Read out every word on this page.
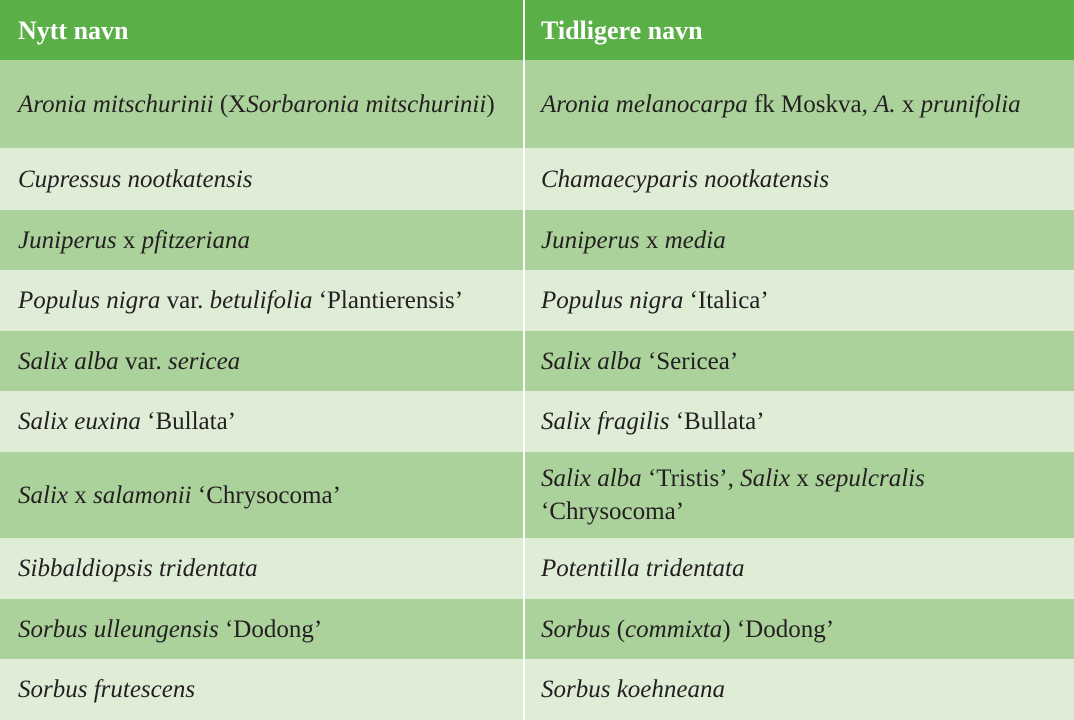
Nytt navn	Tidligere navn
Aronia mitschurinii (XSorbaronia mitschurinii)	Aronia melanocarpa fk Moskva, A. x prunifolia
Cupressus nootkatensis	Chamaecyparis nootkatensis
Juniperus x pfitzeriana	Juniperus x media
Populus nigra var. betulifolia ‘Plantierensis’	Populus nigra ‘Italica’
Salix alba var. sericea	Salix alba ‘Sericea’
Salix euxina ‘Bullata’	Salix fragilis ‘Bullata’
Salix x salamonii ‘Chrysocoma’	Salix alba ‘Tristis’, Salix x sepulcralis ‘Chrysocoma’
Sibbaldiopsis tridentata	Potentilla tridentata
Sorbus ulleungensis ‘Dodong’	Sorbus (commixta) ‘Dodong’
Sorbus frutescens	Sorbus koehneana
